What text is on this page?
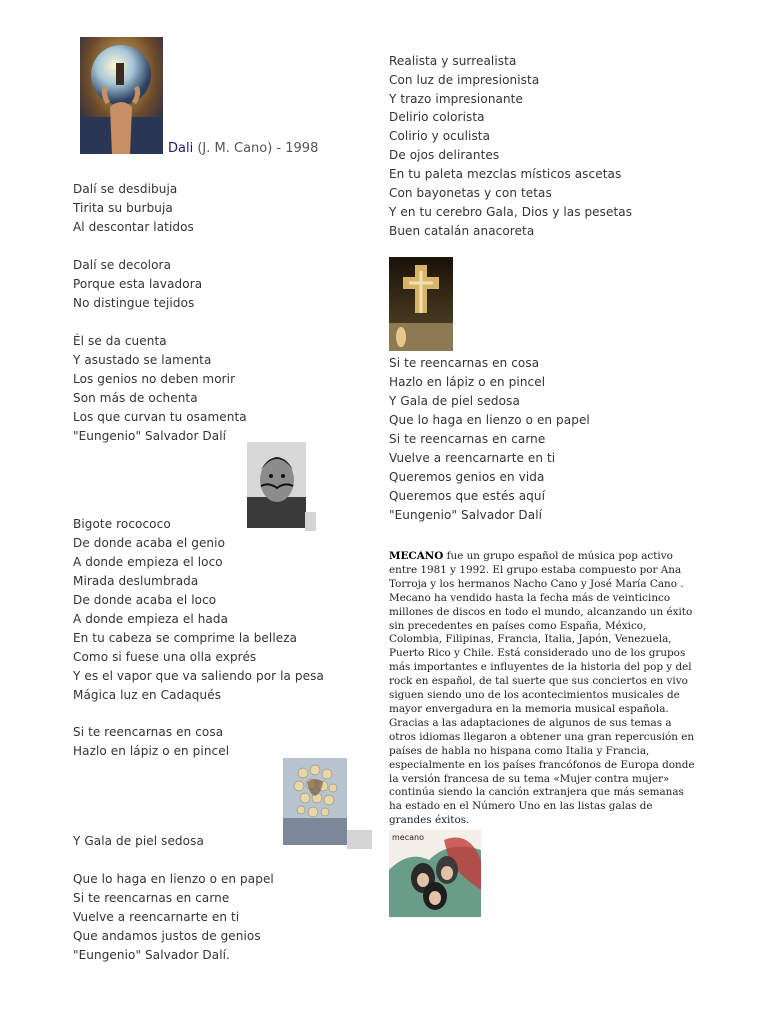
Dali (J. M. Cano) - 1998
mecano
Dalí se desdibuja
Tirita su burbuja
Al descontar latidos
Dalí se decolora
Porque esta lavadora
No distingue tejidos
Él se da cuenta
Y asustado se lamenta
Los genios no deben morir
Son más de ochenta
Los que curvan tu osamenta
"Eungenio" Salvador Dalí
Bigote rocococo
De donde acaba el genio
A donde empieza el loco
Mirada deslumbrada
De donde acaba el loco
A donde empieza el hada
En tu cabeza se comprime la belleza
Como si fuese una olla exprés
Y es el vapor que va saliendo por la pesa
Mágica luz en Cadaqués
Si te reencarnas en cosa
Hazlo en lápiz o en pincel
Y Gala de piel sedosa
Que lo haga en lienzo o en papel
Si te reencarnas en carne
Vuelve a reencarnarte en ti
Que andamos justos de genios
"Eungenio" Salvador Dalí.
Realista y surrealista
Con luz de impresionista
Y trazo impresionante
Delirio colorista
Colirio y oculista
De ojos delirantes
En tu paleta mezclas místicos ascetas
Con bayonetas y con tetas
Y en tu cerebro Gala, Dios y las pesetas
Buen catalán anacoreta
Si te reencarnas en cosa
Hazlo en lápiz o en pincel
Y Gala de piel sedosa
Que lo haga en lienzo o en papel
Si te reencarnas en carne
Vuelve a reencarnarte en ti
Queremos genios en vida
Queremos que estés aquí
"Eungenio" Salvador Dalí
MECANO fue un grupo español de música pop activo entre 1981 y 1992. El grupo estaba compuesto por Ana Torroja y los hermanos Nacho Cano y José María Cano . Mecano ha vendido hasta la fecha más de veinticinco millones de discos en todo el mundo, alcanzando un éxito sin precedentes en países como España, México, Colombia, Filipinas, Francia, Italia, Japón, Venezuela, Puerto Rico y Chile. Está considerado uno de los grupos más importantes e influyentes de la historia del pop y del rock en español, de tal suerte que sus conciertos en vivo siguen siendo uno de los acontecimientos musicales de mayor envergadura en la memoria musical española. Gracias a las adaptaciones de algunos de sus temas a otros idiomas llegaron a obtener una gran repercusión en países de habla no hispana como Italia y Francia, especialmente en los países francófonos de Europa donde la versión francesa de su tema «Mujer contra mujer» continúa siendo la canción extranjera que más semanas ha estado en el Número Uno en las listas galas de grandes éxitos.
